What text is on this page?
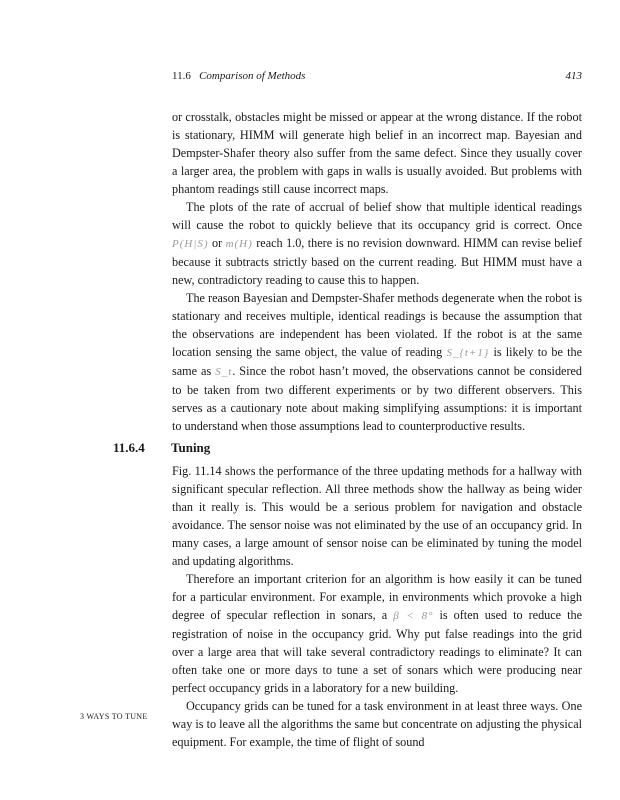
11.6 Comparison of Methods	413

or crosstalk, obstacles might be missed or appear at the wrong distance. If the robot is stationary, HIMM will generate high belief in an incorrect map. Bayesian and Dempster-Shafer theory also suffer from the same defect. Since they usually cover a larger area, the problem with gaps in walls is usually avoided. But problems with phantom readings still cause incorrect maps.

The plots of the rate of accrual of belief show that multiple identical readings will cause the robot to quickly believe that its occupancy grid is correct. Once P(H|S) or m(H) reach 1.0, there is no revision downward. HIMM can revise belief because it subtracts strictly based on the current reading. But HIMM must have a new, contradictory reading to cause this to happen.

The reason Bayesian and Dempster-Shafer methods degenerate when the robot is stationary and receives multiple, identical readings is because the assumption that the observations are independent has been violated. If the robot is at the same location sensing the same object, the value of reading S_{t+1} is likely to be the same as S_t. Since the robot hasn’t moved, the observations cannot be considered to be taken from two different experiments or by two different observers. This serves as a cautionary note about making simplifying assumptions: it is important to understand when those assumptions lead to counterproductive results.

11.6.4 Tuning

Fig. 11.14 shows the performance of the three updating methods for a hallway with significant specular reflection. All three methods show the hallway as being wider than it really is. This would be a serious problem for navigation and obstacle avoidance. The sensor noise was not eliminated by the use of an occupancy grid. In many cases, a large amount of sensor noise can be eliminated by tuning the model and updating algorithms.

Therefore an important criterion for an algorithm is how easily it can be tuned for a particular environment. For example, in environments which provoke a high degree of specular reflection in sonars, a β < 8° is often used to reduce the registration of noise in the occupancy grid. Why put false readings into the grid over a large area that will take several contradictory readings to eliminate? It can often take one or more days to tune a set of sonars which were producing near perfect occupancy grids in a laboratory for a new building.

Occupancy grids can be tuned for a task environment in at least three ways. One way is to leave all the algorithms the same but concentrate on adjusting the physical equipment. For example, the time of flight of sound

3 WAYS TO TUNE
